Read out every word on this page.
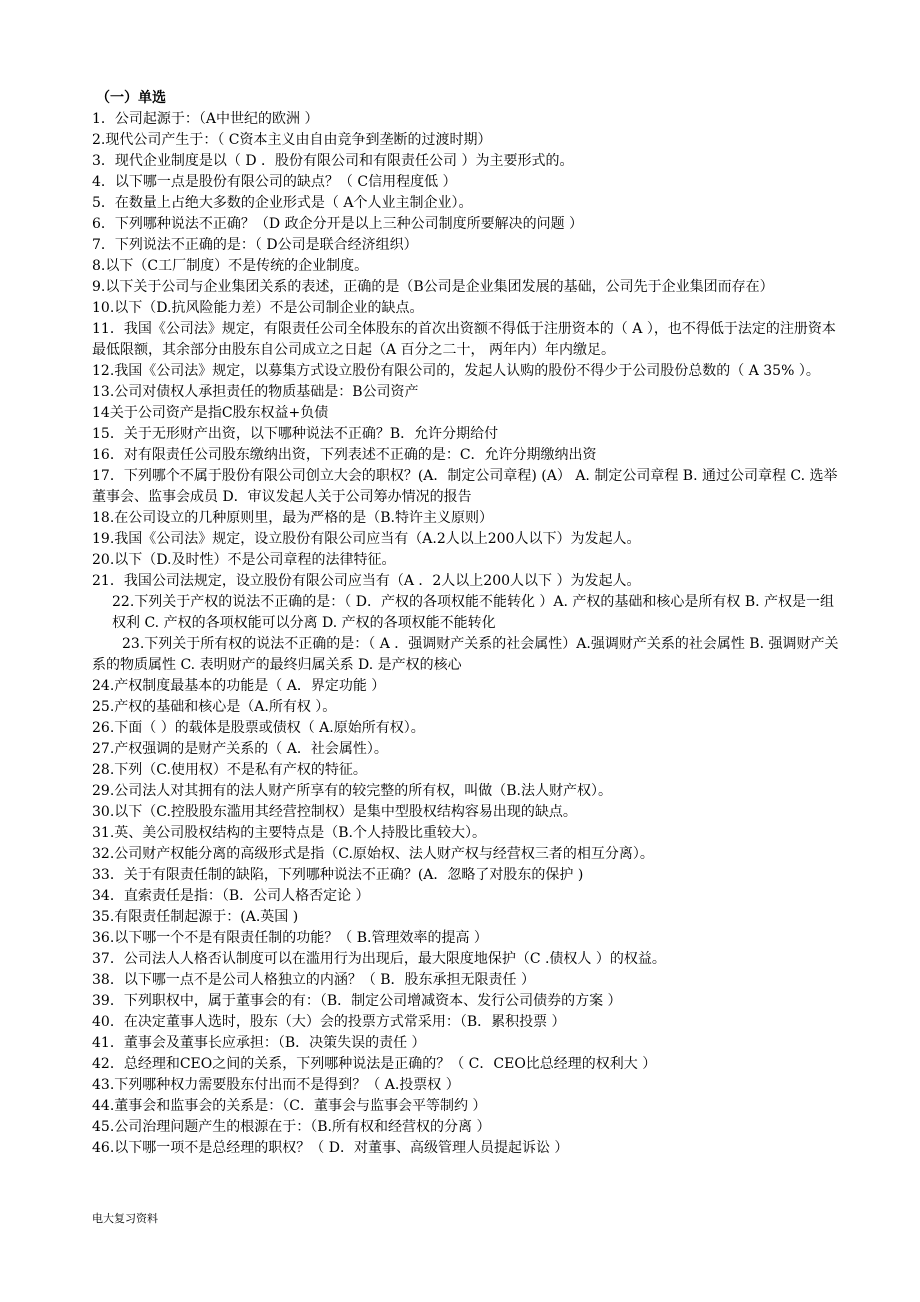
（一）单选

1．公司起源于：（A中世纪的欧洲 ）

2.现代公司产生于：（ C资本主义由自由竞争到垄断的过渡时期）

3．现代企业制度是以（ D ．股份有限公司和有限责任公司 ）为主要形式的。

4．以下哪一点是股份有限公司的缺点？（ C信用程度低 ）

5．在数量上占绝大多数的企业形式是（ A个人业主制企业）。

6．下列哪种说法不正确？（D 政企分开是以上三种公司制度所要解决的问题 ）

7．下列说法不正确的是：（ D公司是联合经济组织）

8.以下（C工厂制度）不是传统的企业制度。

9.以下关于公司与企业集团关系的表述，正确的是（B公司是企业集团发展的基础，公司先于企业集团而存在）

10.以下（D.抗风险能力差）不是公司制企业的缺点。

11．我国《公司法》规定，有限责任公司全体股东的首次出资额不得低于注册资本的（ A ），也不得低于法定的注册资本最低限额，其余部分由股东自公司成立之日起（A 百分之二十， 两年内）年内缴足。

12.我国《公司法》规定，以募集方式设立股份有限公司的，发起人认购的股份不得少于公司股份总数的（ A 35% ）。

13.公司对债权人承担责任的物质基础是：B公司资产

14关于公司资产是指C股东权益+负债

15．关于无形财产出资，以下哪种说法不正确？B．允许分期给付

16．对有限责任公司股东缴纳出资，下列表述不正确的是：C．允许分期缴纳出资

17．下列哪个不属于股份有限公司创立大会的职权？(A．制定公司章程) (A） A. 制定公司章程 B. 通过公司章程 C. 选举董事会、监事会成员 D．审议发起人关于公司筹办情况的报告

18.在公司设立的几种原则里，最为严格的是（B.特许主义原则）

19.我国《公司法》规定，设立股份有限公司应当有（A.2人以上200人以下）为发起人。

20.以下（D.及时性）不是公司章程的法律特征。

21．我国公司法规定，设立股份有限公司应当有（A ．2人以上200人以下 ）为发起人。

22.下列关于产权的说法不正确的是：（ D．产权的各项权能不能转化 ）A. 产权的基础和核心是所有权 B. 产权是一组权利 C. 产权的各项权能可以分离 D. 产权的各项权能不能转化

23.下列关于所有权的说法不正确的是：（ A ．强调财产关系的社会属性）A.强调财产关系的社会属性 B. 强调财产关系的物质属性 C. 表明财产的最终归属关系 D. 是产权的核心

24.产权制度最基本的功能是（ A．界定功能 ）

25.产权的基础和核心是（A.所有权 ）。

26.下面（ ）的载体是股票或债权（ A.原始所有权）。

27.产权强调的是财产关系的（ A．社会属性）。

28.下列（C.使用权）不是私有产权的特征。

29.公司法人对其拥有的法人财产所享有的较完整的所有权，叫做（B.法人财产权）。

30.以下（C.控股股东滥用其经营控制权）是集中型股权结构容易出现的缺点。

31.英、美公司股权结构的主要特点是（B.个人持股比重较大）。

32.公司财产权能分离的高级形式是指（C.原始权、法人财产权与经营权三者的相互分离）。

33．关于有限责任制的缺陷，下列哪种说法不正确？(A．忽略了对股东的保护 )

34．直索责任是指：（B．公司人格否定论 ）

35.有限责任制起源于：(A.英国 )

36.以下哪一个不是有限责任制的功能？（ B.管理效率的提高 ）

37．公司法人人格否认制度可以在滥用行为出现后，最大限度地保护（C .债权人 ）的权益。

38．以下哪一点不是公司人格独立的内涵？（ B．股东承担无限责任 ）

39．下列职权中，属于董事会的有：（B．制定公司增减资本、发行公司债券的方案 ）

40．在决定董事人选时，股东（大）会的投票方式常采用：（B．累积投票 ）

41．董事会及董事长应承担：（B．决策失误的责任 ）

42．总经理和CEO之间的关系，下列哪种说法是正确的？（ C．CEO比总经理的权利大 ）

43.下列哪种权力需要股东付出而不是得到？（ A.投票权 ）

44.董事会和监事会的关系是：（C．董事会与监事会平等制约 ）

45.公司治理问题产生的根源在于：（B.所有权和经营权的分离 ）

46.以下哪一项不是总经理的职权？（ D．对董事、高级管理人员提起诉讼 ）

电大复习资料
